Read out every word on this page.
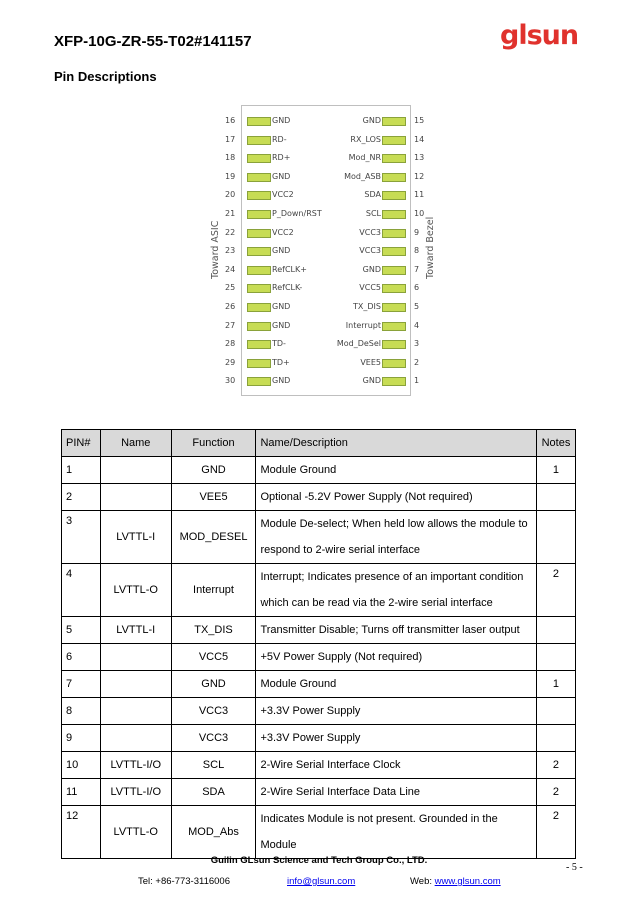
XFP-10G-ZR-55-T02#141157	glsun
Pin Descriptions
Toward ASIC	Toward Bezel
16	GND
17	RD-
18	RD+
19	GND
20	VCC2
21	P_Down/RST
22	VCC2
23	GND
24	RefCLK+
25	RefCLK-
26	GND
27	GND
28	TD-
29	TD+
30	GND
GND	15
RX_LOS	14
Mod_NR	13
Mod_ASB	12
SDA	11
SCL	10
VCC3	9
VCC3	8
GND	7
VCC5	6
TX_DIS	5
Interrupt	4
Mod_DeSel	3
VEE5	2
GND	1
PIN#	Name	Function	Name/Description	Notes
1		GND	Module Ground	1
2		VEE5	Optional -5.2V Power Supply (Not required)	
3	LVTTL-I	MOD_DESEL	Module De-select; When held low allows the module to
respond to 2-wire serial interface	

4	LVTTL-O	Interrupt	Interrupt; Indicates presence of an important condition
which can be read via the 2-wire serial interface	2
5	LVTTL-I	TX_DIS	Transmitter Disable; Turns off transmitter laser output	
6		VCC5	+5V Power Supply (Not required)	
7		GND	Module Ground	1
8		VCC3	+3.3V Power Supply	
9		VCC3	+3.3V Power Supply	
10	LVTTL-I/O	SCL	2-Wire Serial Interface Clock	2
11	LVTTL-I/O	SDA	2-Wire Serial Interface Data Line	2
12	LVTTL-O	MOD_Abs	Indicates Module is not present. Grounded in the
Module	2
Guilin GLsun Science and Tech Group Co., LTD.
- 5 -
Tel: +86-773-3116006	info@glsun.com	Web: www.glsun.com
